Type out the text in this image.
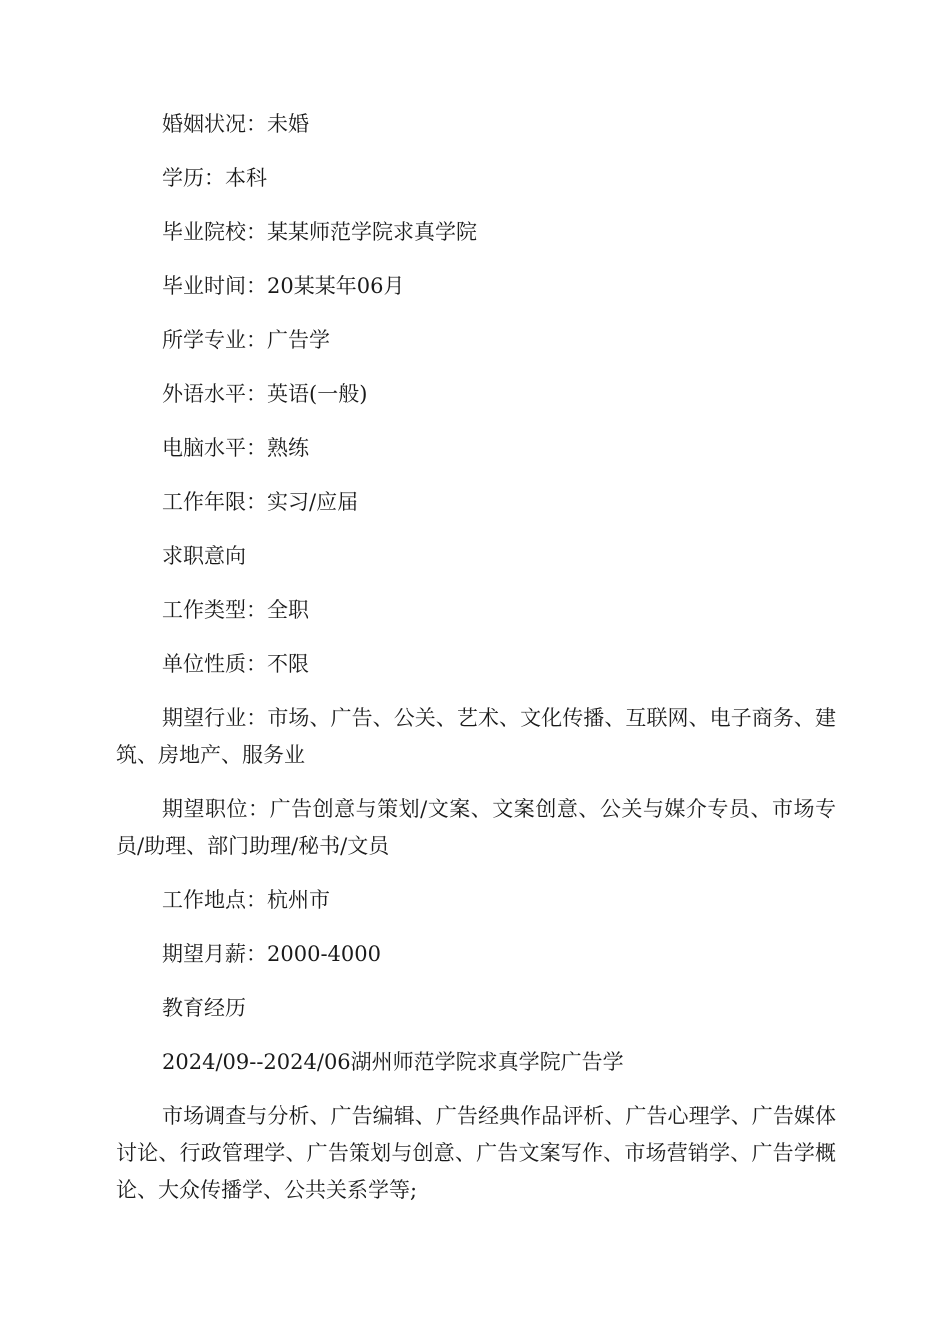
婚姻状况：未婚

学历：本科

毕业院校：某某师范学院求真学院

毕业时间：20某某年06月

所学专业：广告学

外语水平：英语(一般)

电脑水平：熟练

工作年限：实习/应届

求职意向

工作类型：全职

单位性质：不限

期望行业：市场、广告、公关、艺术、文化传播、互联网、电子商务、建筑、房地产、服务业

期望职位：广告创意与策划/文案、文案创意、公关与媒介专员、市场专员/助理、部门助理/秘书/文员

工作地点：杭州市

期望月薪：2000-4000

教育经历

2024/09--2024/06湖州师范学院求真学院广告学

市场调查与分析、广告编辑、广告经典作品评析、广告心理学、广告媒体讨论、行政管理学、广告策划与创意、广告文案写作、市场营销学、广告学概论、大众传播学、公共关系学等;
